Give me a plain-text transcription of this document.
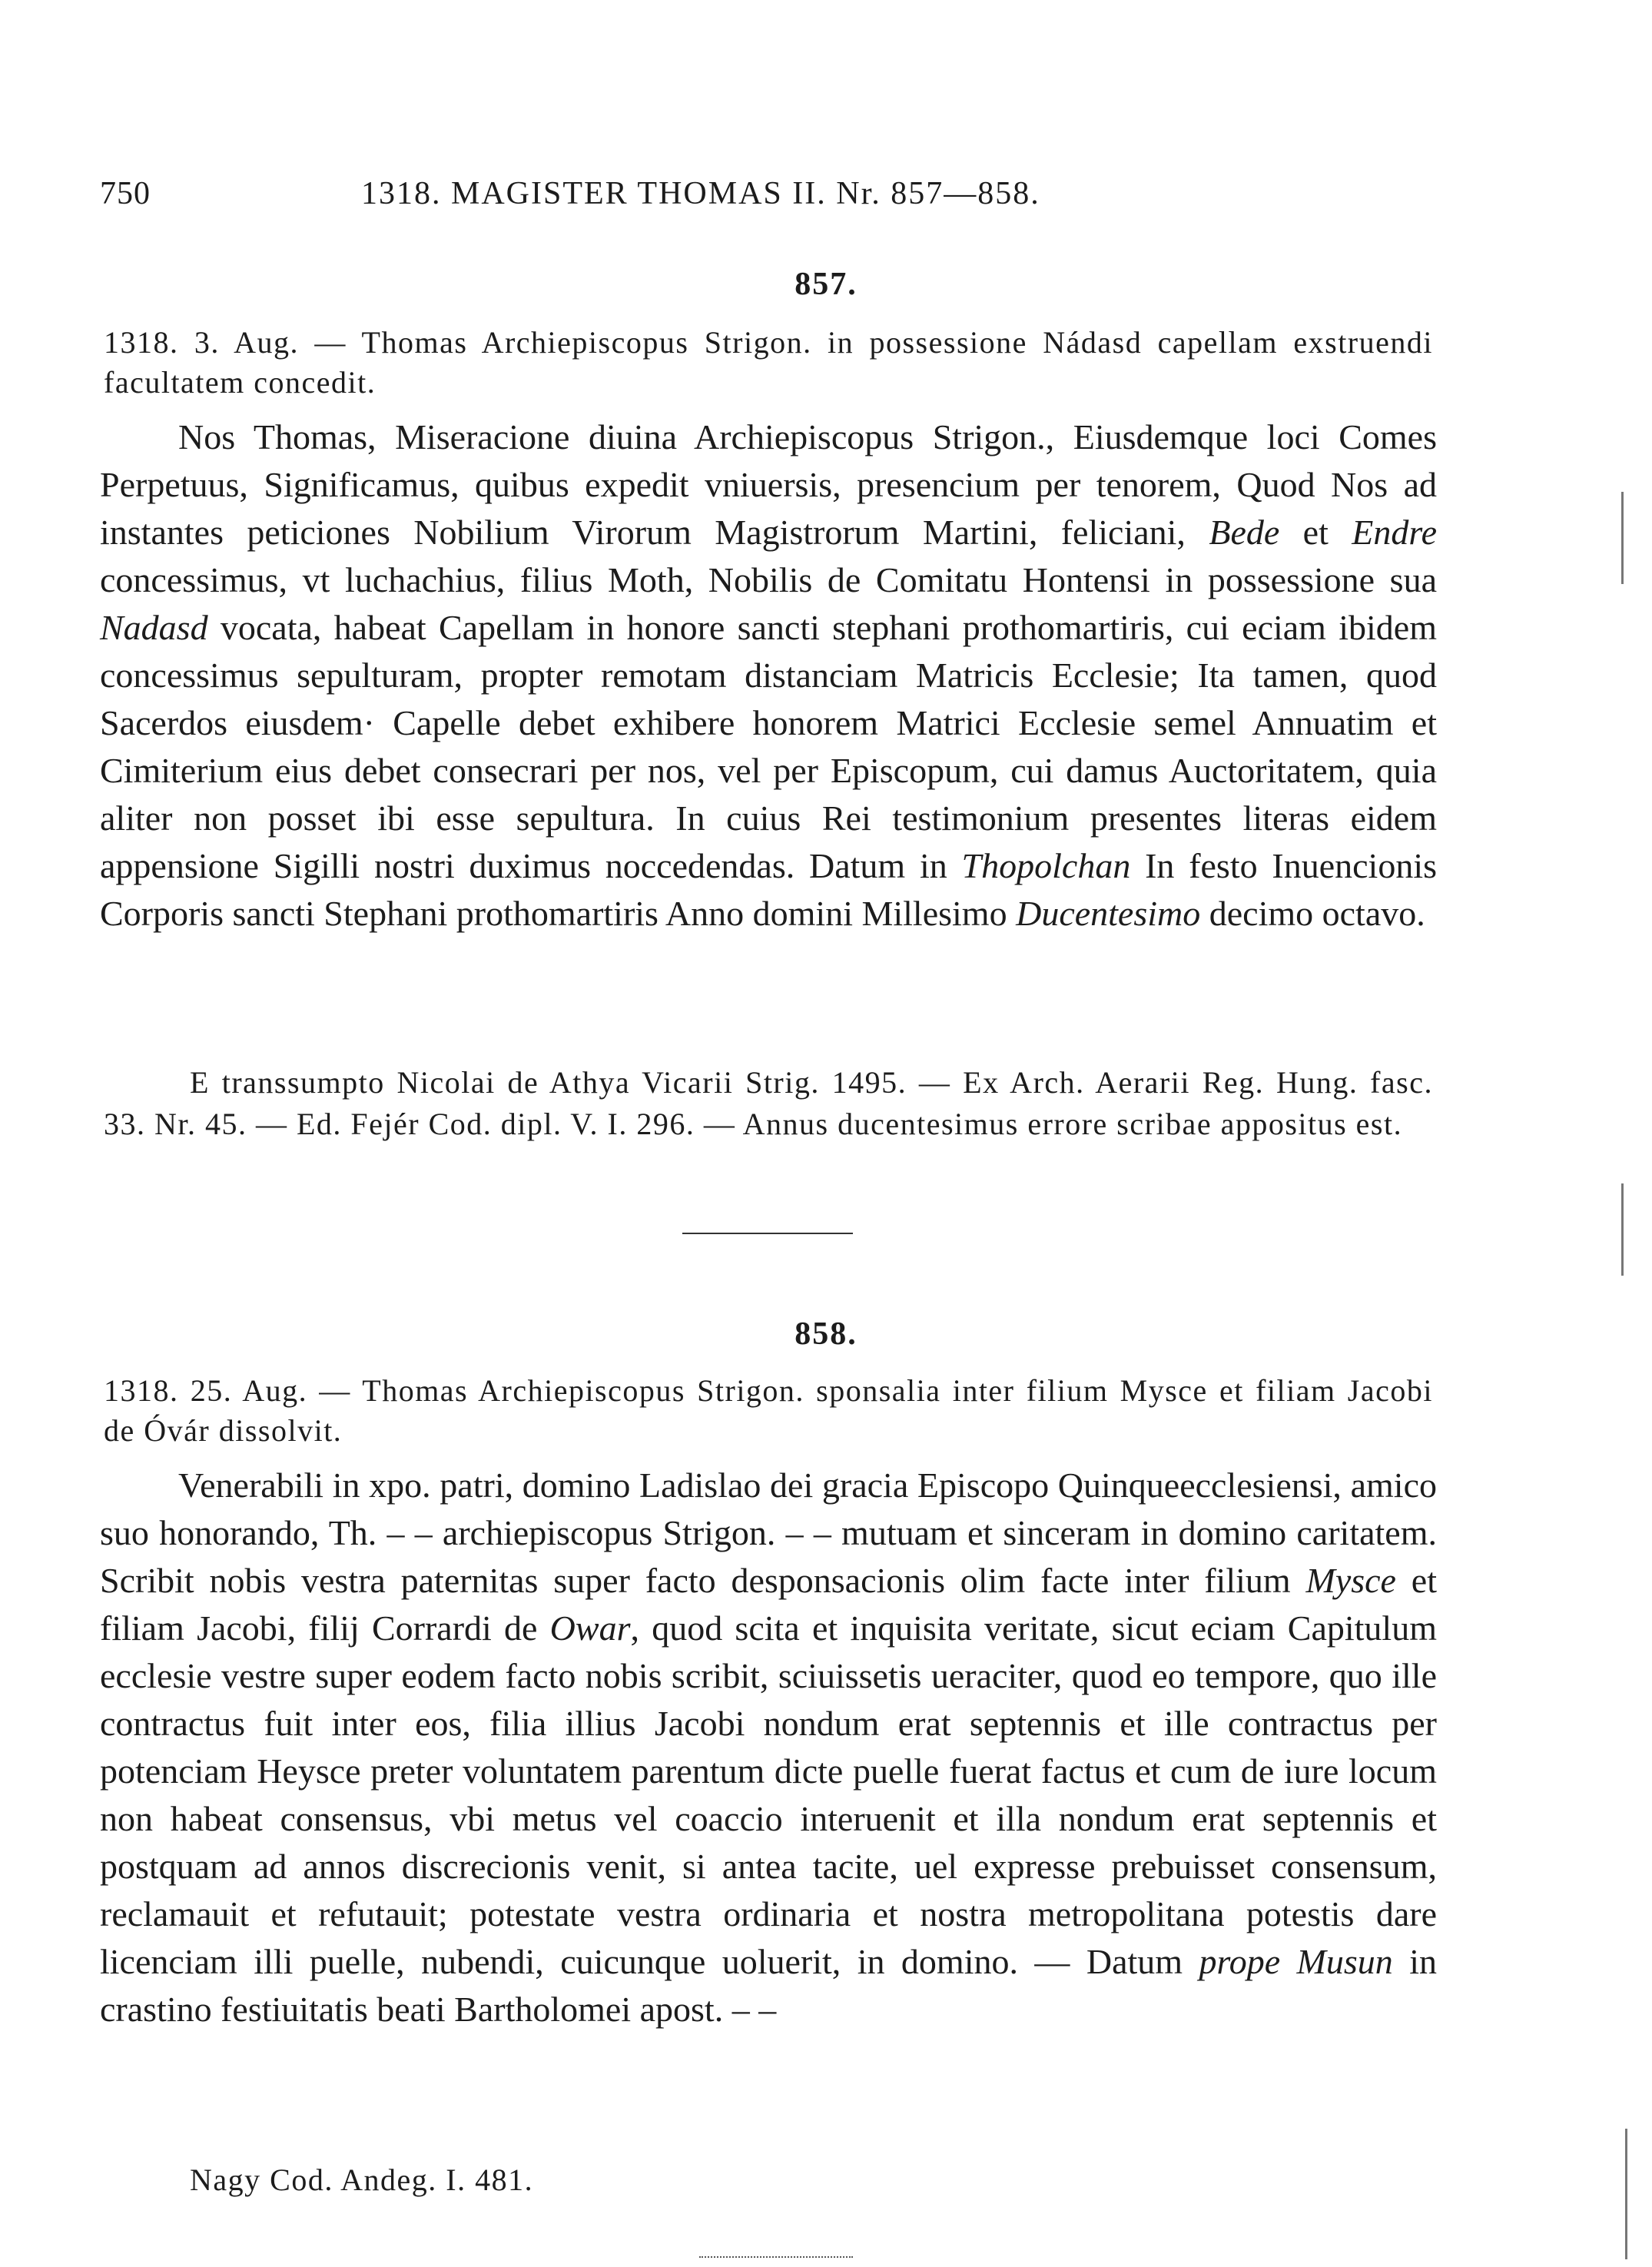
750	1318. MAGISTER THOMAS II. Nr. 857—858.
857.
1318. 3. Aug. — Thomas Archiepiscopus Strigon. in possessione Nádasd capellam exstruendi facultatem concedit.

Nos Thomas, Miseracione diuina Archiepiscopus Strigon., Eiusdemque loci Comes Perpetuus, Significamus, quibus expedit vniuersis, presencium per tenorem, Quod Nos ad instantes peticiones Nobilium Virorum Magistrorum Martini, feliciani, Bede et Endre concessimus, vt luchachius, filius Moth, Nobilis de Comitatu Hontensi in possessione sua Nadasd vocata, habeat Capellam in honore sancti stephani prothomartiris, cui eciam ibidem concessimus sepulturam, propter remotam distanciam Matricis Ecclesie; Ita tamen, quod Sacerdos eiusdem· Capelle debet exhibere honorem Matrici Ecclesie semel Annuatim et Cimiterium eius debet consecrari per nos, vel per Episcopum, cui damus Auctoritatem, quia aliter non posset ibi esse sepultura. In cuius Rei testimonium presentes literas eidem appensione Sigilli nostri duximus noccedendas. Datum in Thopolchan In festo Inuencionis Corporis sancti Stephani prothomartiris Anno domini Millesimo Ducentesimo decimo octavo.

E transsumpto Nicolai de Athya Vicarii Strig. 1495. — Ex Arch. Aerarii Reg. Hung. fasc. 33. Nr. 45. — Ed. Fejér Cod. dipl. V. I. 296. — Annus ducentesimus errore scribae appositus est.

858.
1318. 25. Aug. — Thomas Archiepiscopus Strigon. sponsalia inter filium Mysce et filiam Jacobi de Óvár dissolvit.

Venerabili in xpo. patri, domino Ladislao dei gracia Episcopo Quinqueecclesiensi, amico suo honorando, Th. – – archiepiscopus Strigon. – – mutuam et sinceram in domino caritatem. Scribit nobis vestra paternitas super facto desponsacionis olim facte inter filium Mysce et filiam Jacobi, filij Corrardi de Owar, quod scita et inquisita veritate, sicut eciam Capitulum ecclesie vestre super eodem facto nobis scribit, sciuissetis ueraciter, quod eo tempore, quo ille contractus fuit inter eos, filia illius Jacobi nondum erat septennis et ille contractus per potenciam Heysce preter voluntatem parentum dicte puelle fuerat factus et cum de iure locum non habeat consensus, vbi metus vel coaccio interuenit et illa nondum erat septennis et postquam ad annos discrecionis venit, si antea tacite, uel expresse prebuisset consensum, reclamauit et refutauit; potestate vestra ordinaria et nostra metropolitana potestis dare licenciam illi puelle, nubendi, cuicunque uoluerit, in domino. — Datum prope Musun in crastino festiuitatis beati Bartholomei apost. – –

Nagy Cod. Andeg. I. 481.
